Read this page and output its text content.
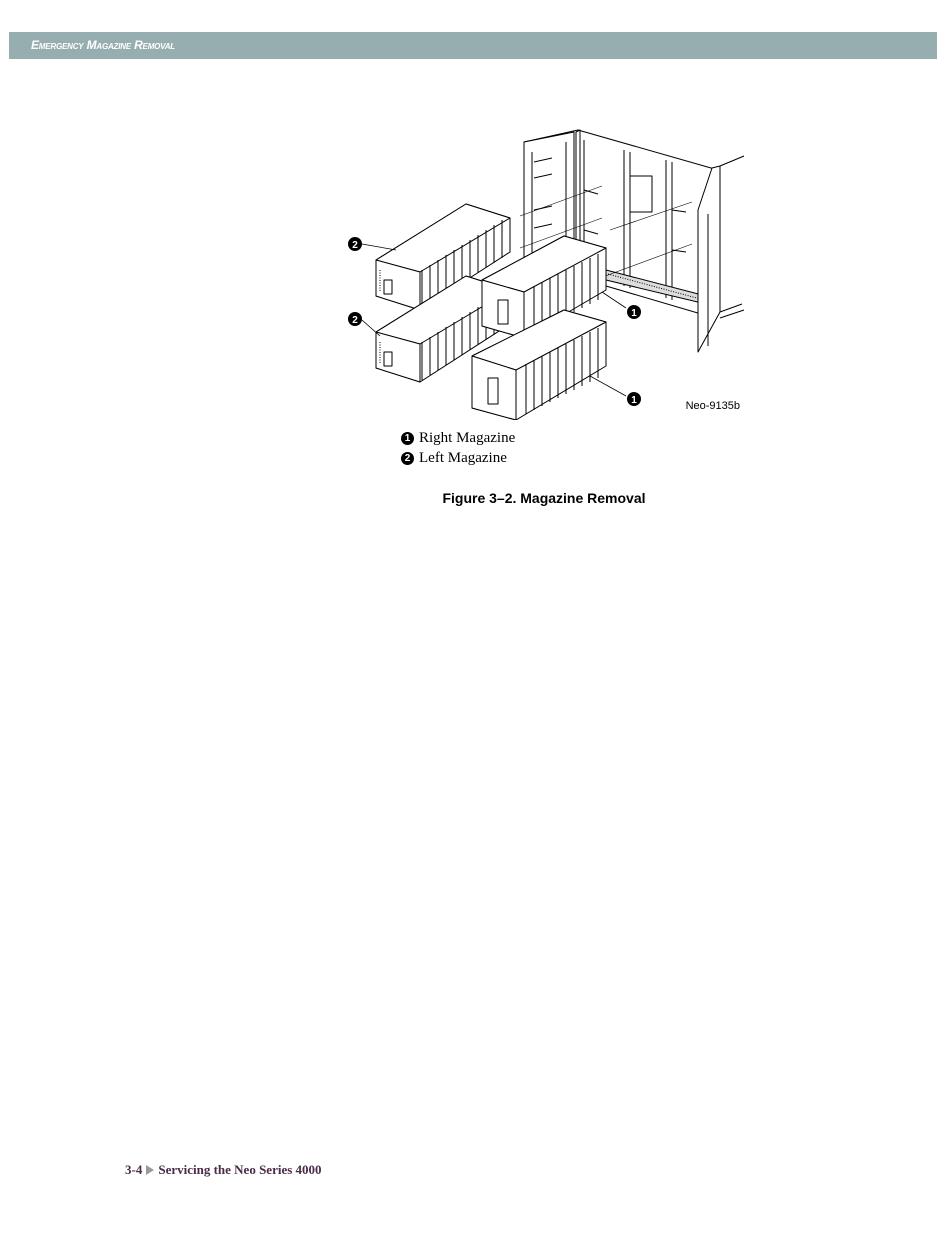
Emergency Magazine Removal
2
2
1
1	Neo-9135b
1 Right Magazine
2 Left Magazine
Figure 3–2. Magazine Removal
3-4 Servicing the Neo Series 4000
